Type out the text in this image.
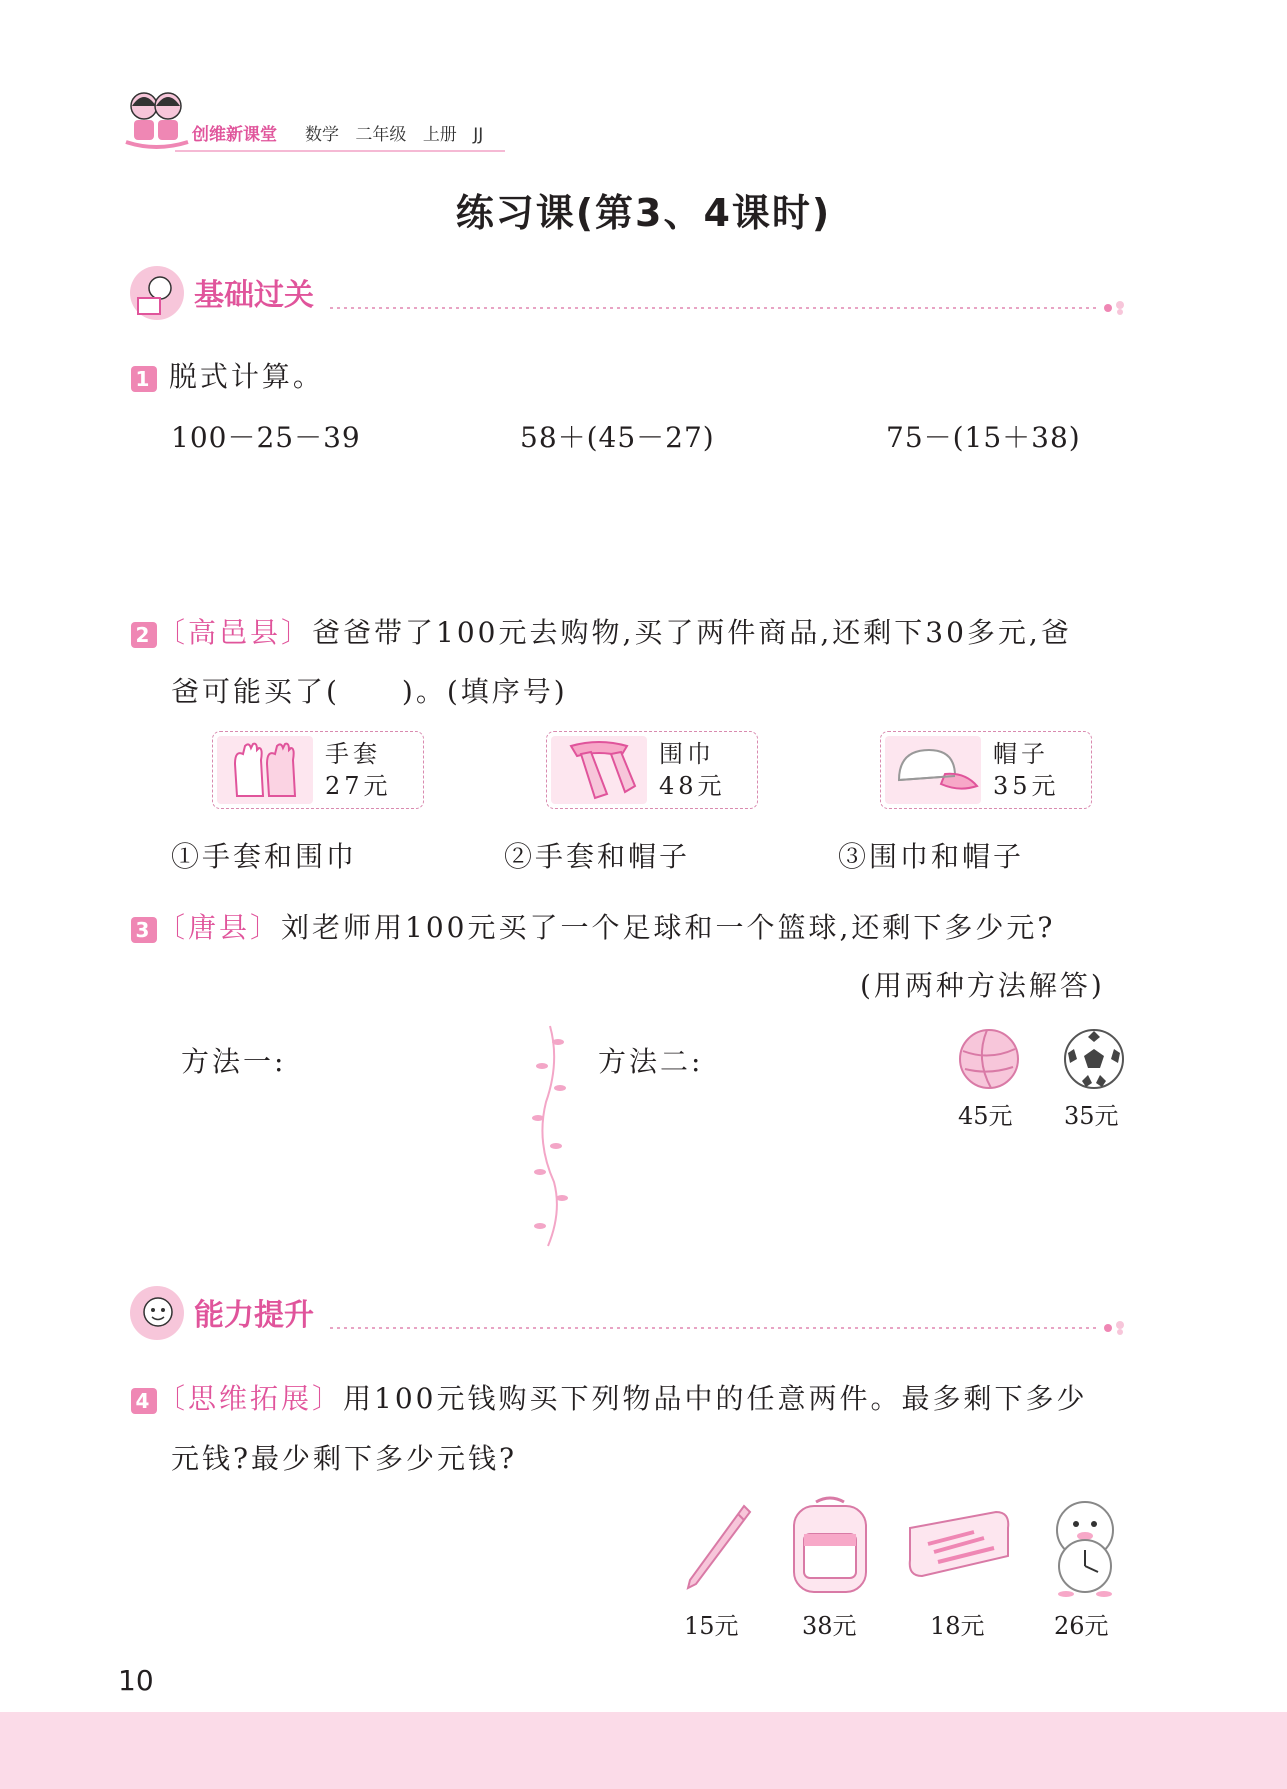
创维新课堂 数学 二年级 上册 JJ
练习课(第3、4课时)
基础过关
1 脱式计算。
100－25－39	58＋(45－27)	75－(15＋38)
2 〔高邑县〕爸爸带了100元去购物,买了两件商品,还剩下30多元,爸
爸可能买了(　　)。(填序号)
手套
27元
围巾
48元
帽子
35元
①手套和围巾	②手套和帽子	③围巾和帽子
3 〔唐县〕刘老师用100元买了一个足球和一个篮球,还剩下多少元?
(用两种方法解答)
方法一:	方法二:
45元 35元
能力提升
4 〔思维拓展〕用100元钱购买下列物品中的任意两件。最多剩下多少
元钱?最少剩下多少元钱?
15元	38元	18元	26元
10
